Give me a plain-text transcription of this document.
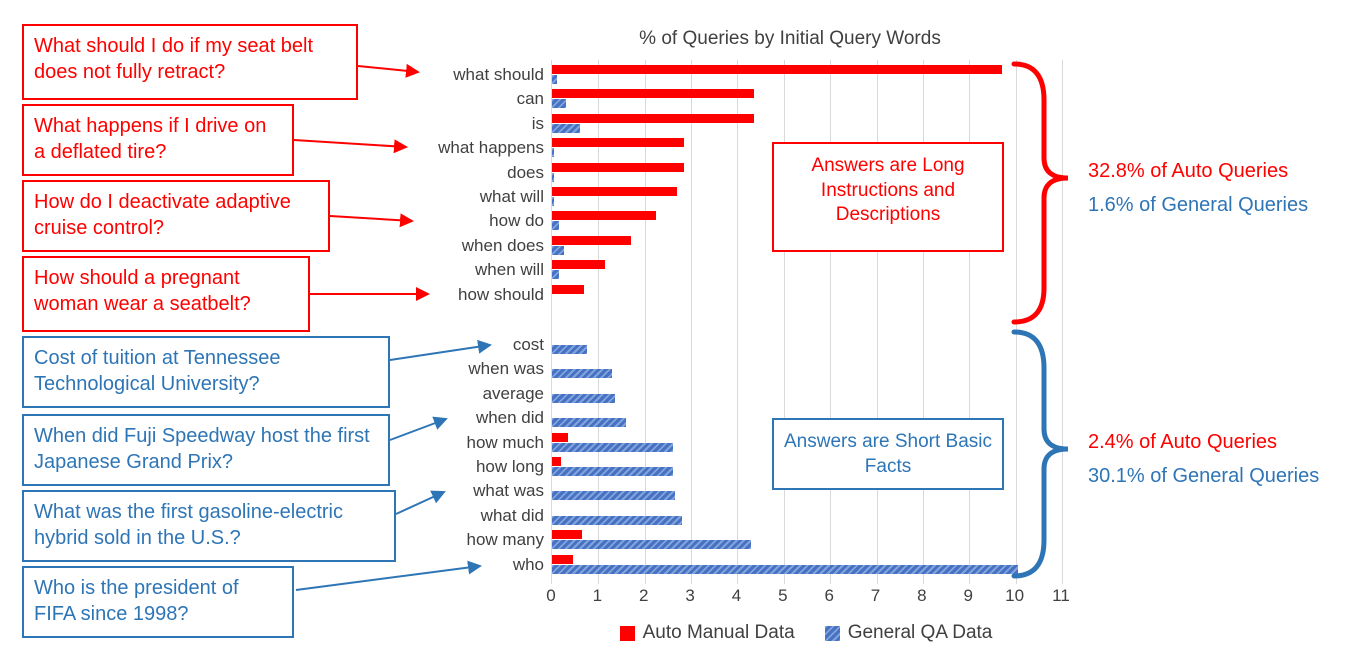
What should I do if my seat belt does not fully retract?
What happens if I drive on a deflated tire?
How do I deactivate adaptive cruise control?
How should a pregnant woman wear a seatbelt?
Cost of tuition at Tennessee Technological University?
When did Fuji Speedway host the first Japanese Grand Prix?
What was the first gasoline-electric hybrid sold in the U.S.?
Who is the president of FIFA since 1998?
% of Queries by Initial Query Words
what should
can
is
what happens
does
what will
how do
when does
when will
how should
cost
when was
average
when did
how much
how long
what was
what did
how many
who
0 1 2 3 4 5 6 7 8 9 10 11
Auto Manual Data	General QA Data
Answers are Long Instructions and Descriptions
Answers are Short Basic Facts
32.8% of Auto Queries
1.6% of General Queries
2.4% of Auto Queries
30.1% of General Queries
